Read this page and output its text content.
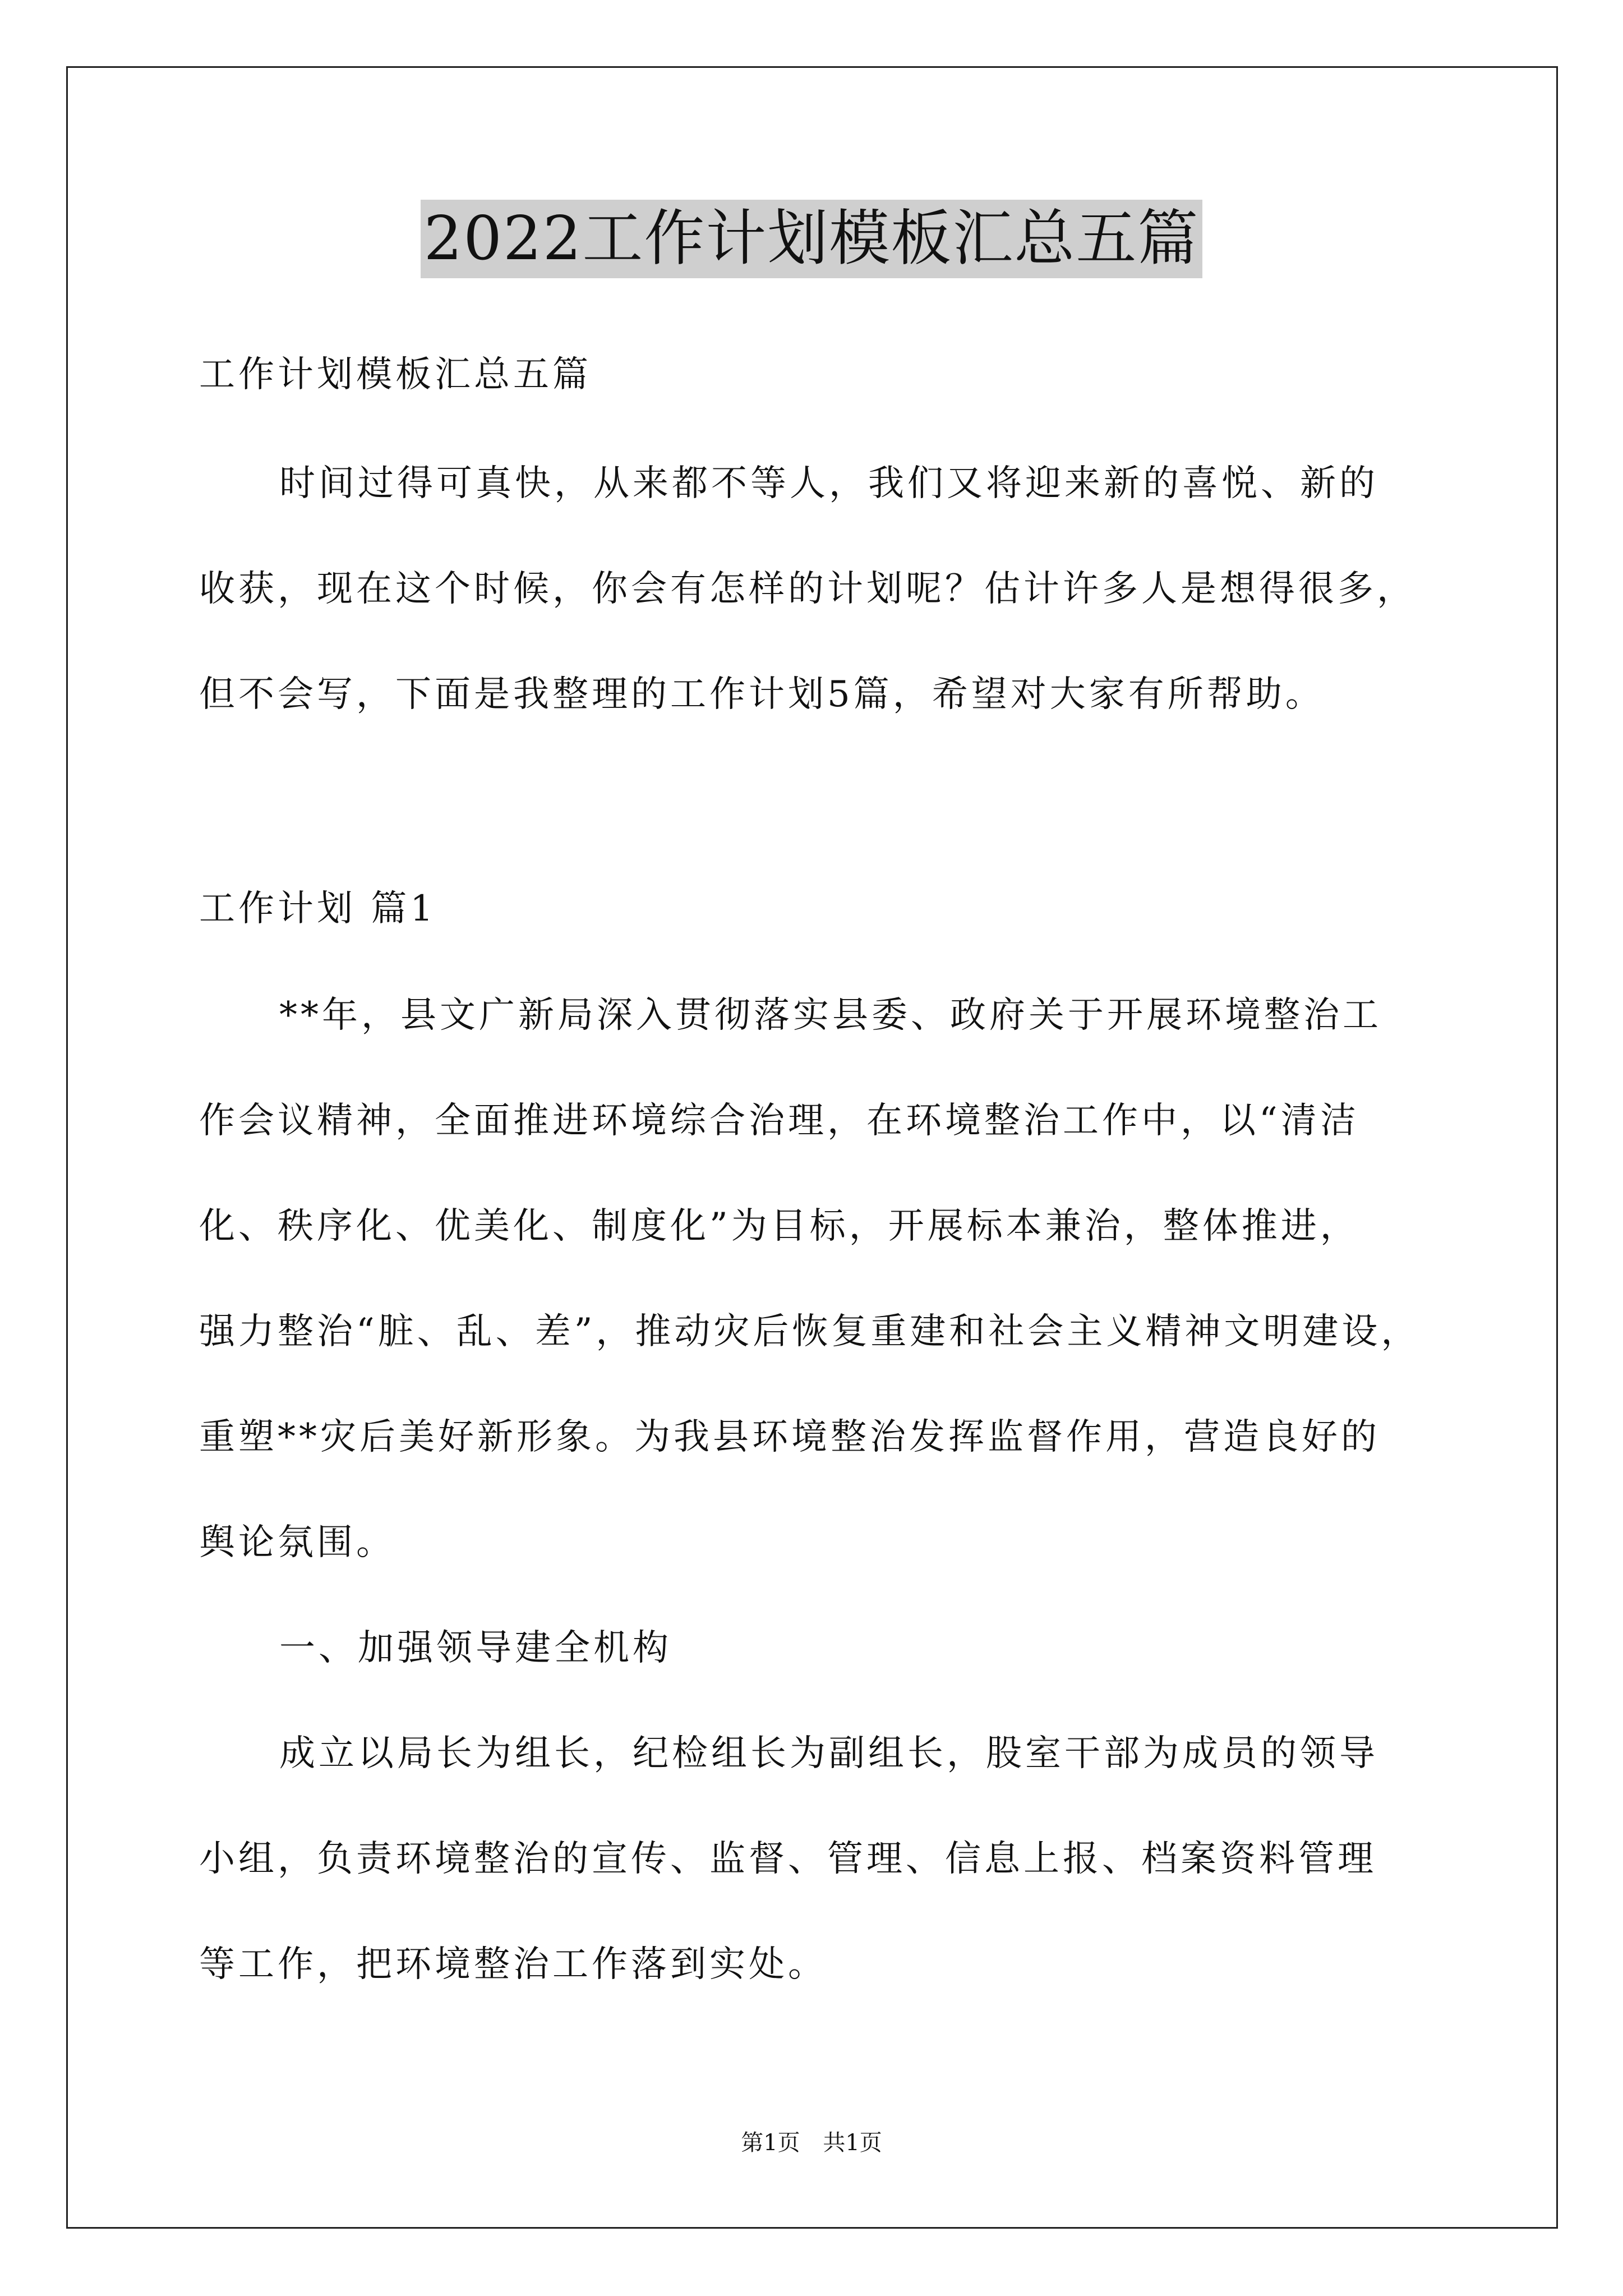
2022工作计划模板汇总五篇
工作计划模板汇总五篇
时间过得可真快，从来都不等人，我们又将迎来新的喜悦、新的
收获，现在这个时候，你会有怎样的计划呢？估计许多人是想得很多，
但不会写，下面是我整理的工作计划5篇，希望对大家有所帮助。
工作计划 篇1
**年，县文广新局深入贯彻落实县委、政府关于开展环境整治工
作会议精神，全面推进环境综合治理，在环境整治工作中，以“清洁
化、秩序化、优美化、制度化”为目标，开展标本兼治，整体推进，
强力整治“脏、乱、差”，推动灾后恢复重建和社会主义精神文明建设，
重塑**灾后美好新形象。为我县环境整治发挥监督作用，营造良好的
舆论氛围。
一、加强领导建全机构
成立以局长为组长，纪检组长为副组长，股室干部为成员的领导
小组，负责环境整治的宣传、监督、管理、信息上报、档案资料管理
等工作，把环境整治工作落到实处。
第1页 共1页
